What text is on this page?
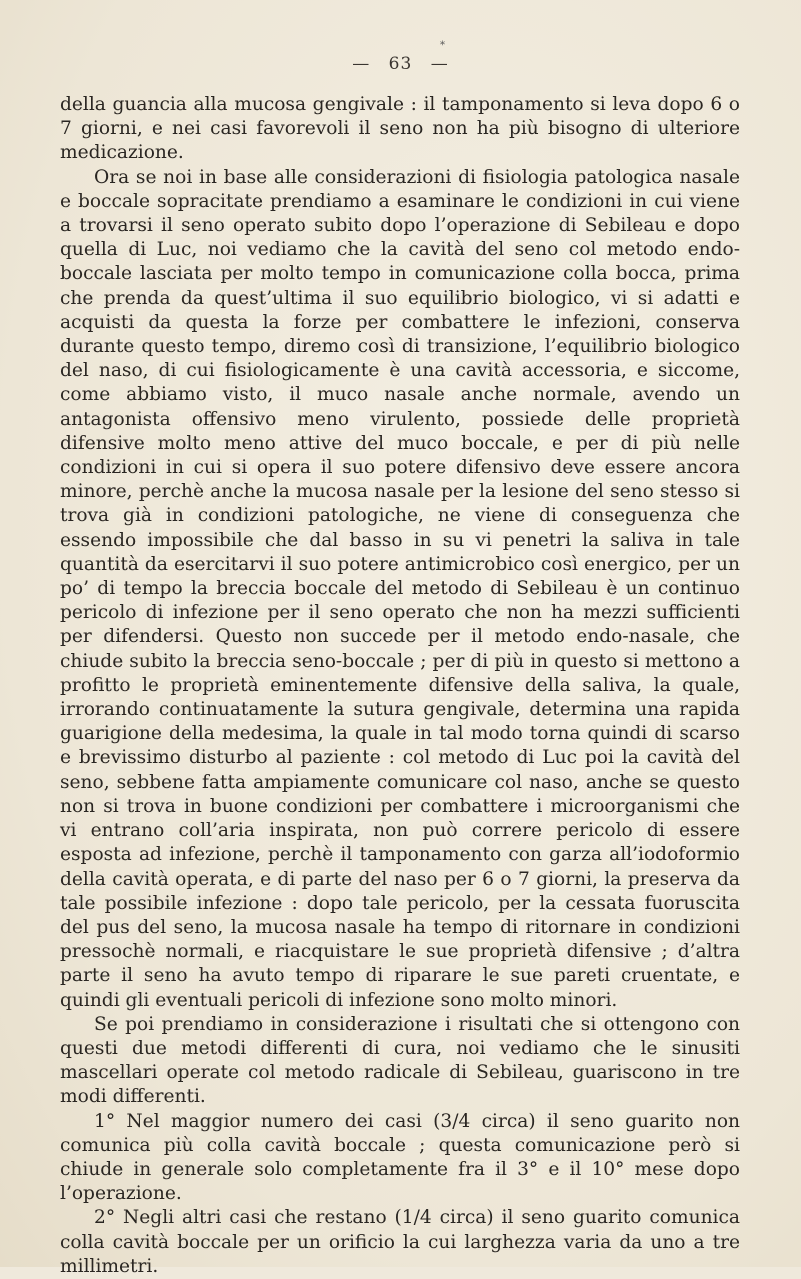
*
— 63 —

della guancia alla mucosa gengivale : il tamponamento si leva dopo 6 o 7 giorni, e nei casi favorevoli il seno non ha più bisogno di ulteriore medicazione.

Ora se noi in base alle considerazioni di fisiologia patologica nasale e boccale sopracitate prendiamo a esaminare le condizioni in cui viene a trovarsi il seno operato subito dopo l’operazione di Sebileau e dopo quella di Luc, noi vediamo che la cavità del seno col metodo endo-boccale lasciata per molto tempo in comunicazione colla bocca, prima che prenda da quest’ultima il suo equilibrio biologico, vi si adatti e acquisti da questa la forze per combattere le infezioni, conserva durante questo tempo, diremo così di transizione, l’equilibrio biologico del naso, di cui fisiologicamente è una cavità accessoria, e siccome, come abbiamo visto, il muco nasale anche normale, avendo un antagonista offensivo meno virulento, possiede delle proprietà difensive molto meno attive del muco boccale, e per di più nelle condizioni in cui si opera il suo potere difensivo deve essere ancora minore, perchè anche la mucosa nasale per la lesione del seno stesso si trova già in condizioni patologiche, ne viene di conseguenza che essendo impossibile che dal basso in su vi penetri la saliva in tale quantità da esercitarvi il suo potere antimicrobico così energico, per un po’ di tempo la breccia boccale del metodo di Sebileau è un continuo pericolo di infezione per il seno operato che non ha mezzi sufficienti per difendersi. Questo non succede per il metodo endo-nasale, che chiude subito la breccia seno-boccale ; per di più in questo si mettono a profitto le proprietà eminentemente difensive della saliva, la quale, irrorando continuatamente la sutura gengivale, determina una rapida guarigione della medesima, la quale in tal modo torna quindi di scarso e brevissimo disturbo al paziente : col metodo di Luc poi la cavità del seno, sebbene fatta ampiamente comunicare col naso, anche se questo non si trova in buone condizioni per combattere i microorganismi che vi entrano coll’aria inspirata, non può correre pericolo di essere esposta ad infezione, perchè il tamponamento con garza all’iodoformio della cavità operata, e di parte del naso per 6 o 7 giorni, la preserva da tale possibile infezione : dopo tale pericolo, per la cessata fuoruscita del pus del seno, la mucosa nasale ha tempo di ritornare in condizioni pressochè normali, e riacquistare le sue proprietà difensive ; d’altra parte il seno ha avuto tempo di riparare le sue pareti cruentate, e quindi gli eventuali pericoli di infezione sono molto minori.

Se poi prendiamo in considerazione i risultati che si ottengono con questi due metodi differenti di cura, noi vediamo che le sinusiti mascellari operate col metodo radicale di Sebileau, guariscono in tre modi differenti.

1° Nel maggior numero dei casi (3/4 circa) il seno guarito non comunica più colla cavità boccale ; questa comunicazione però si chiude in generale solo completamente fra il 3° e il 10° mese dopo l’operazione.

2° Negli altri casi che restano (1/4 circa) il seno guarito comunica colla cavità boccale per un orificio la cui larghezza varia da uno a tre millimetri.
